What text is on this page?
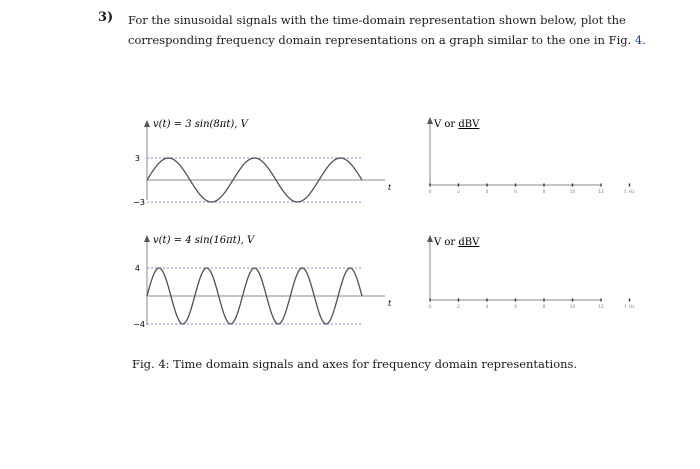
3) For the sinusoidal signals with the time-domain representation shown below, plot the
corresponding frequency domain representations on a graph similar to the one in Fig. 4.
v(t) = 3 sin(8πt), V
3
−3
t
v(t) = 4 sin(16πt), V
4
−4
t
V or dBV
0	2	4	6	8	10	12	f, Hz
V or dBV
0	2	4	6	8	10	12	f, Hz
Fig. 4: Time domain signals and axes for frequency domain representations.
